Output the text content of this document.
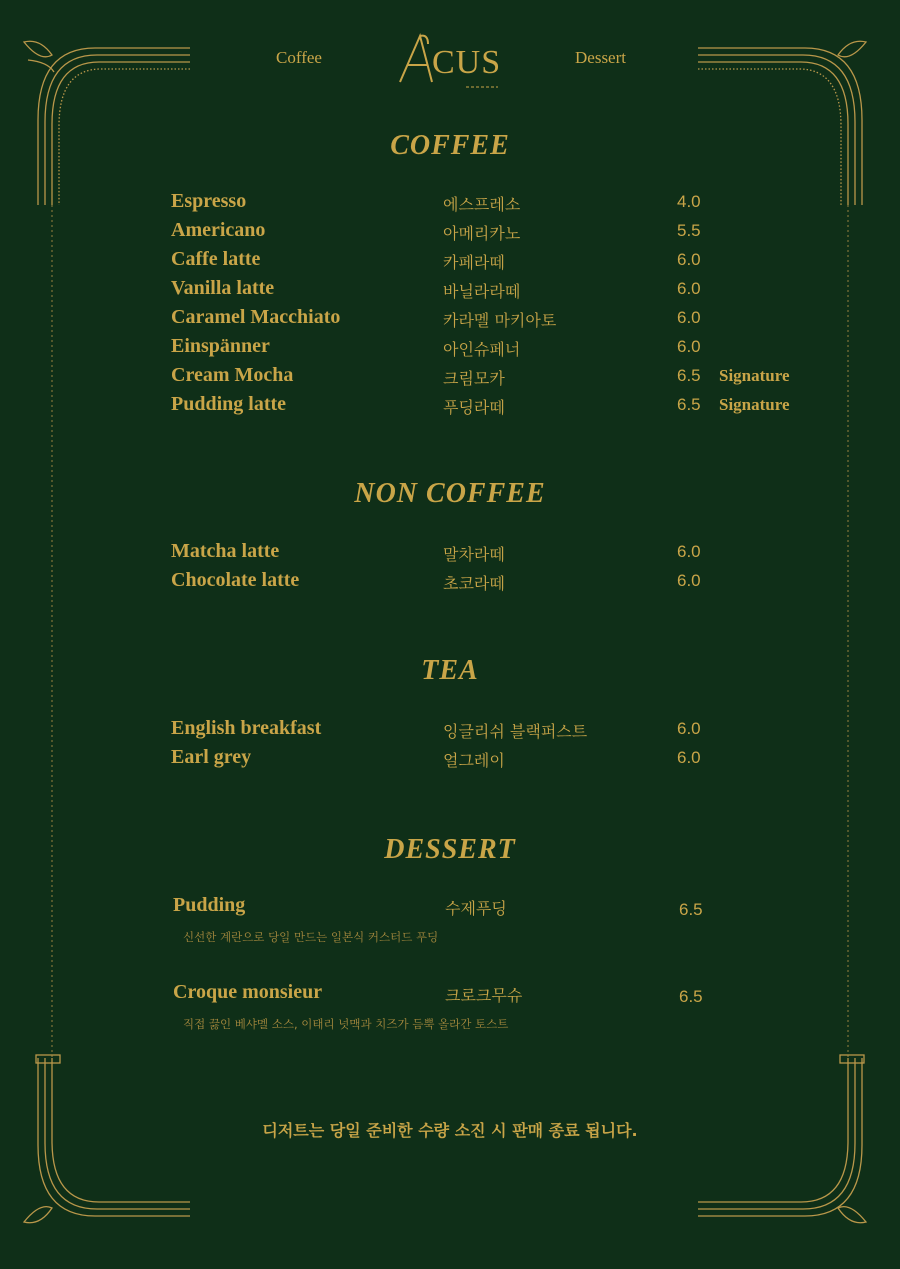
Coffee	Dessert
CUS
COFFEE
Espresso	에스프레소	4.0
Americano	아메리카노	5.5
Caffe latte	카페라떼	6.0
Vanilla latte	바닐라라떼	6.0
Caramel Macchiato	카라멜 마키아토	6.0
Einspänner	아인슈페너	6.0
Cream Mocha	크림모카	6.5 Signature
Pudding latte	푸딩라떼	6.5 Signature
NON COFFEE
Matcha latte	말차라떼	6.0
Chocolate latte	초코라떼	6.0
TEA
English breakfast	잉글리쉬 블랙퍼스트	6.0
Earl grey	얼그레이	6.0
DESSERT
Pudding	수제푸딩	6.5
신선한 계란으로 당일 만드는 일본식 커스터드 푸딩
Croque monsieur	크로크무슈	6.5
직접 끓인 베샤멜 소스, 이태리 넛맥과 치즈가 듬뿍 올라간 토스트
디저트는 당일 준비한 수량 소진 시 판매 종료 됩니다.
